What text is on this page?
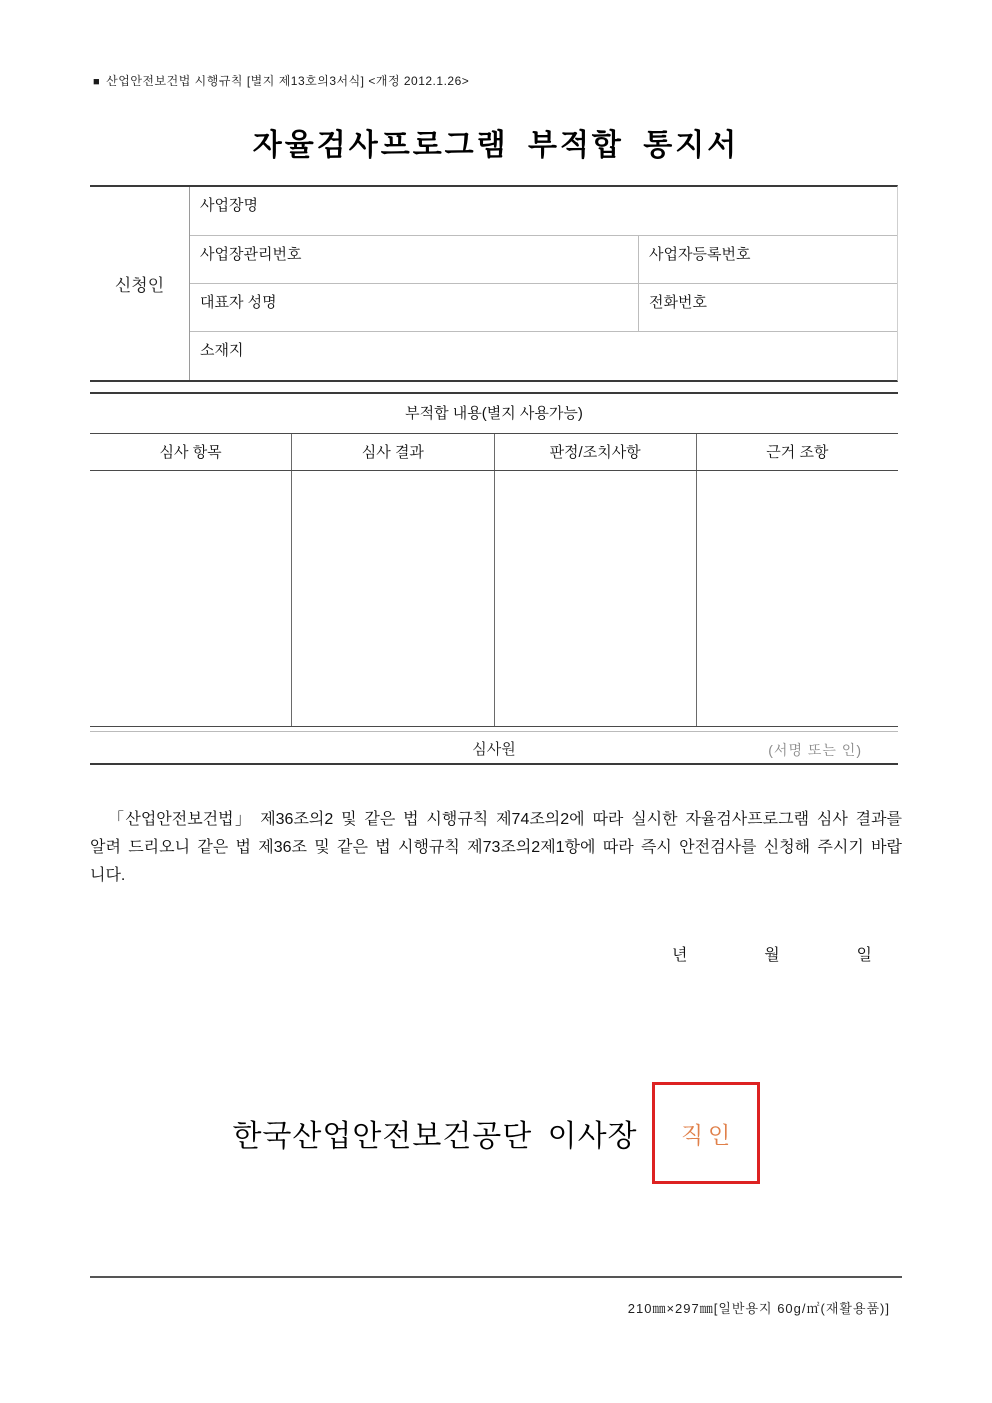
■ 산업안전보건법 시행규칙 [별지 제13호의3서식] <개정 2012.1.26>
자율검사프로그램 부적합 통지서
신청인
사업장명
사업장관리번호	사업자등록번호
대표자 성명	전화번호
소재지
부적합 내용(별지 사용가능)
심사 항목	심사 결과	판정/조치사항	근거 조항
심사원	(서명 또는 인)
「산업안전보건법」 제36조의2 및 같은 법 시행규칙 제74조의2에 따라 실시한 자율검사프로그램 심사 결과를 알려 드리오니 같은 법 제36조 및 같은 법 시행규칙 제73조의2제1항에 따라 즉시 안전검사를 신청해 주시기 바랍니다.
년	월	일
한국산업안전보건공단 이사장 직인
210㎜×297㎜[일반용지 60g/㎡(재활용품)]
